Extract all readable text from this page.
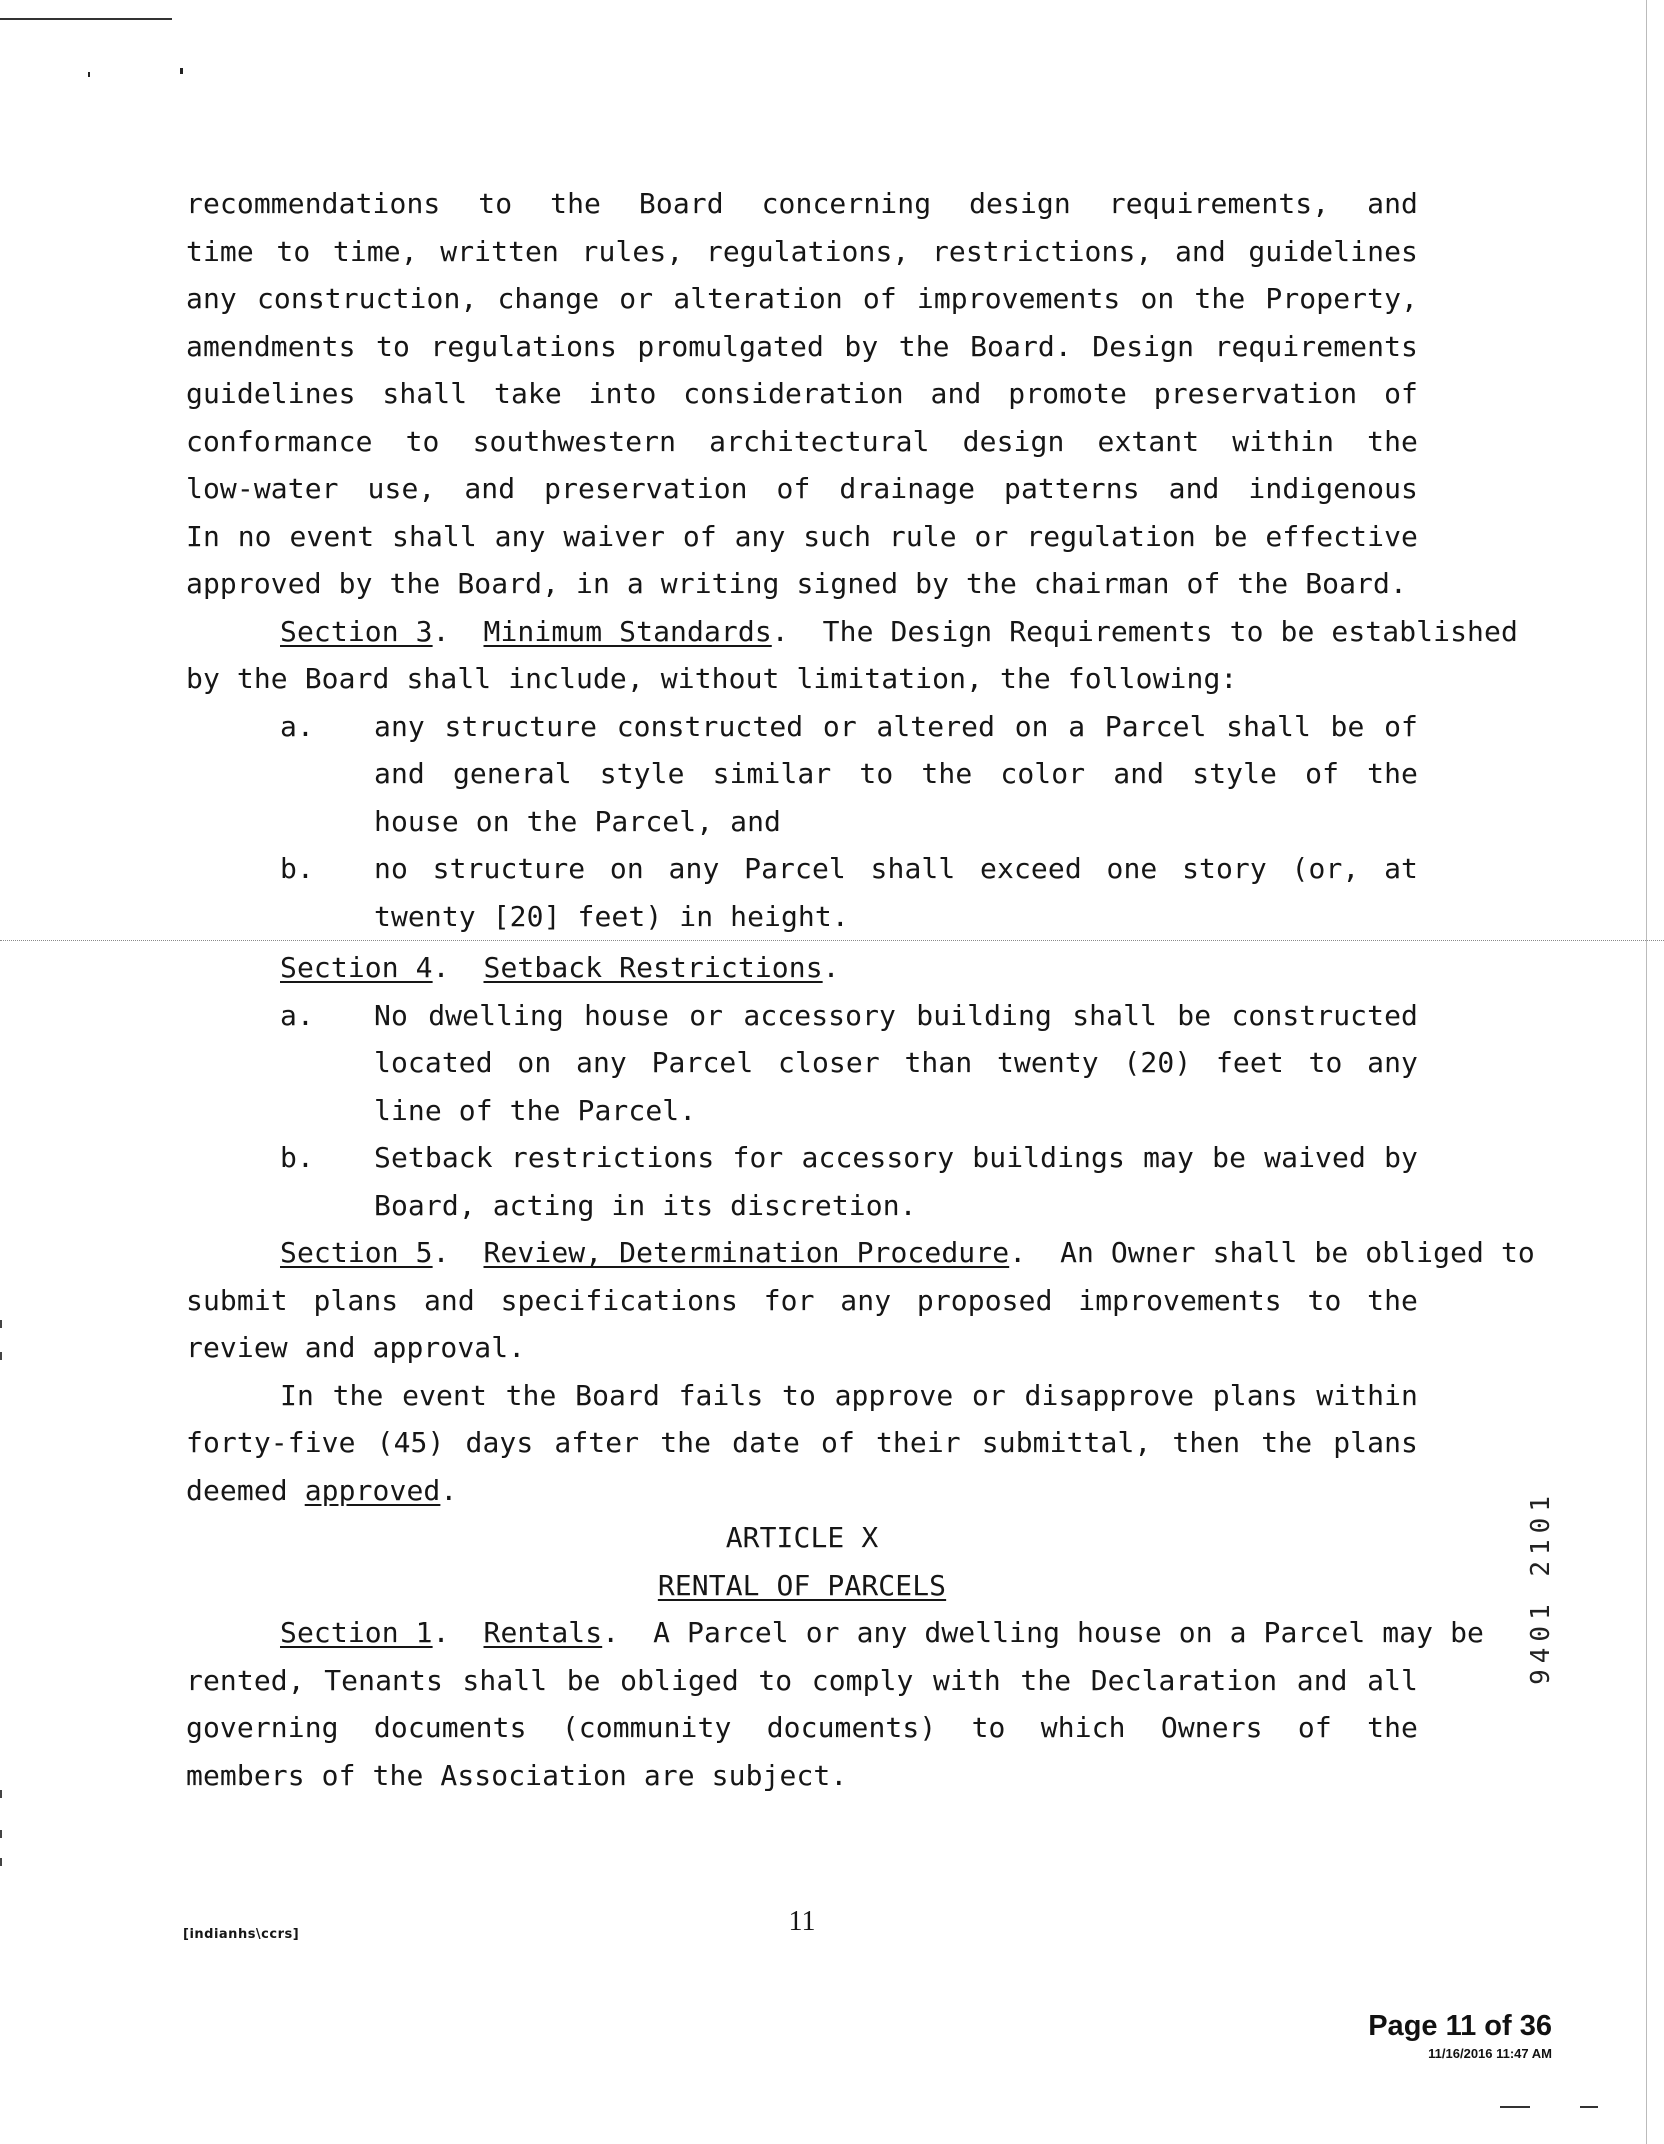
recommendations to the Board concerning design requirements, and
time to time, written rules, regulations, restrictions, and guidelines
any construction, change or alteration of improvements on the Property,
amendments to regulations promulgated by the Board. Design requirements
guidelines shall take into consideration and promote preservation of
conformance to southwestern architectural design extant within the
low-water use, and preservation of drainage patterns and indigenous
In no event shall any waiver of any such rule or regulation be effective
approved by the Board, in a writing signed by the chairman of the Board.
Section 3.  Minimum Standards.  The Design Requirements to be established
by the Board shall include, without limitation, the following:
a.	any structure constructed or altered on a Parcel shall be of
and general style similar to the color and style of the
house on the Parcel, and
b.	no structure on any Parcel shall exceed one story (or, at
twenty [20] feet) in height.
Section 4.  Setback Restrictions.
a.	No dwelling house or accessory building shall be constructed
located on any Parcel closer than twenty (20) feet to any
line of the Parcel.
b.	Setback restrictions for accessory buildings may be waived by
Board, acting in its discretion.
Section 5.  Review, Determination Procedure.  An Owner shall be obliged to
submit plans and specifications for any proposed improvements to the
review and approval.
In the event the Board fails to approve or disapprove plans within
forty-five (45) days after the date of their submittal, then the plans
deemed approved.
ARTICLE X
RENTAL OF PARCELS
Section 1.  Rentals.  A Parcel or any dwelling house on a Parcel may be
rented, Tenants shall be obliged to comply with the Declaration and all
governing documents (community documents) to which Owners of the
members of the Association are subject.
9401 2101
[indianhs\ccrs]	11
Page 11 of 36
11/16/2016 11:47 AM
